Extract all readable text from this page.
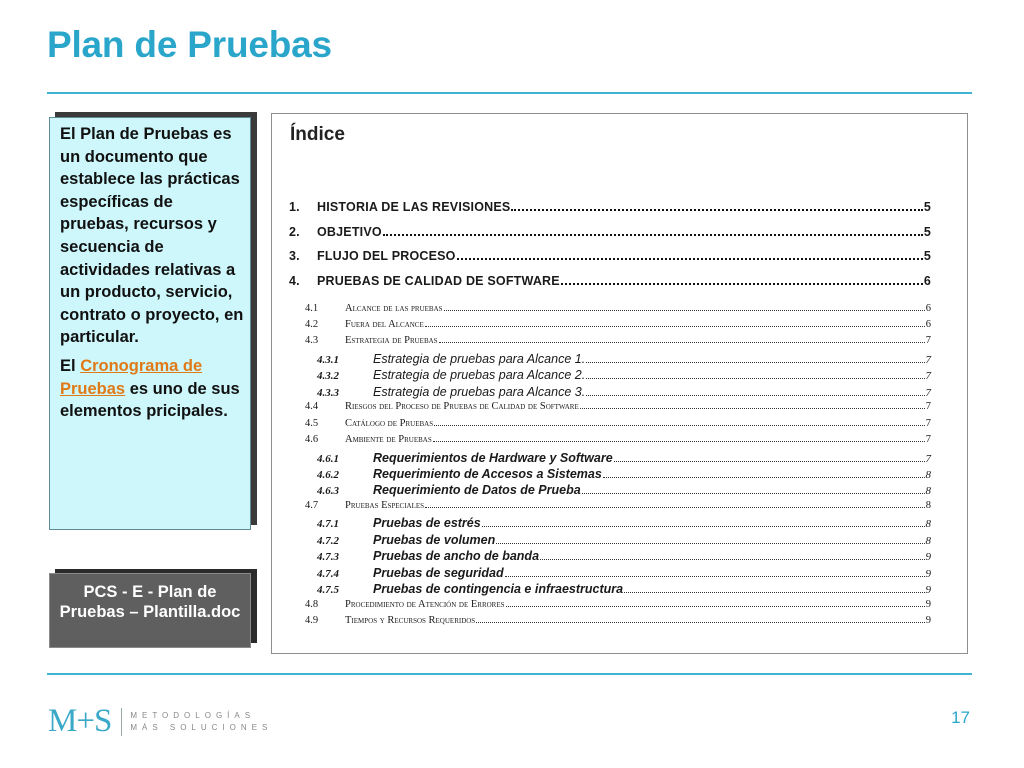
Plan de Pruebas

El Plan de Pruebas es un documento que establece las prácticas específicas de pruebas, recursos y secuencia de actividades relativas a un producto, servicio, contrato o proyecto, en particular.

El Cronograma de Pruebas es uno de sus elementos pricipales.

PCS - E - Plan de Pruebas – Plantilla.doc
Índice
1.	HISTORIA DE LAS REVISIONES	5
2.	OBJETIVO	5
3.	FLUJO DEL PROCESO	5
4.	PRUEBAS DE CALIDAD DE SOFTWARE	6
4.1	Alcance de las pruebas	6
4.2	Fuera del Alcance	6
4.3	Estrategia de Pruebas	7
4.3.1	Estrategia de pruebas para Alcance 1.	7
4.3.2	Estrategia de pruebas para Alcance 2.	7
4.3.3	Estrategia de pruebas para Alcance 3.	7
4.4	Riesgos del Proceso de Pruebas de Calidad de Software	7
4.5	Catálogo de Pruebas	7
4.6	Ambiente de Pruebas	7
4.6.1	Requerimientos de Hardware y Software	7
4.6.2	Requerimiento de Accesos a Sistemas	8
4.6.3	Requerimiento de Datos de Prueba	8
4.7	Pruebas Especiales	8
4.7.1	Pruebas de estrés	8
4.7.2	Pruebas de volumen	8
4.7.3	Pruebas de ancho de banda	9
4.7.4	Pruebas de seguridad	9
4.7.5	Pruebas de contingencia e infraestructura	9
4.8	Procedimiento de Atención de Errores	9
4.9	Tiempos y Recursos Requeridos	9
M+S METODOLOGÍAS
MÁS SOLUCIONES	17
